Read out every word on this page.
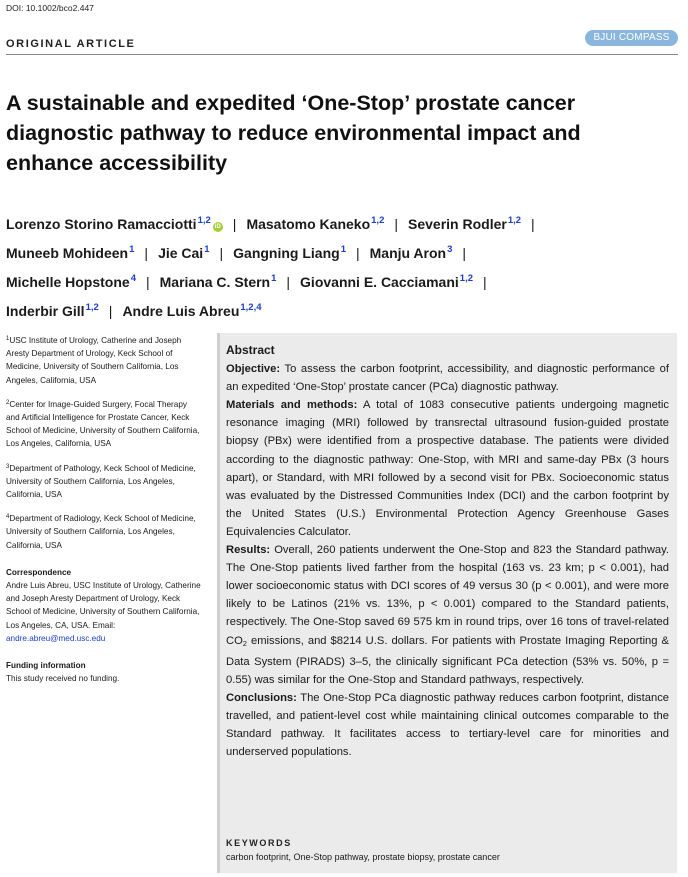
DOI: 10.1002/bco2.447
ORIGINAL ARTICLE
BJUI COMPASS
A sustainable and expedited ‘One-Stop’ prostate cancer diagnostic pathway to reduce environmental impact and enhance accessibility
Lorenzo Storino Ramacciotti$^{1,2}$iD | Masatomo Kaneko$^{1,2}$ | Severin Rodler$^{1,2}$ |
Muneeb Mohideen$^1$ | Jie Cai$^1$ | Gangning Liang$^1$ | Manju Aron$^3$ |
Michelle Hopstone$^4$ | Mariana C. Stern$^1$ | Giovanni E. Cacciamani$^{1,2}$ |
Inderbir Gill$^{1,2}$ | Andre Luis Abreu$^{1,2,4}$

$^1$USC Institute of Urology, Catherine and Joseph Aresty Department of Urology, Keck School of Medicine, University of Southern California, Los Angeles, California, USA

$^2$Center for Image-Guided Surgery, Focal Therapy and Artificial Intelligence for Prostate Cancer, Keck School of Medicine, University of Southern California, Los Angeles, California, USA

$^3$Department of Pathology, Keck School of Medicine, University of Southern California, Los Angeles, California, USA

$^4$Department of Radiology, Keck School of Medicine, University of Southern California, Los Angeles, California, USA

Correspondence

Andre Luis Abreu, USC Institute of Urology, Catherine and Joseph Aresty Department of Urology, Keck School of Medicine, University of Southern California, Los Angeles, CA, USA. Email: andre.abreu@med.usc.edu

Funding information

This study received no funding.

Abstract

Objective: To assess the carbon footprint, accessibility, and diagnostic performance of an expedited ‘One-Stop’ prostate cancer (PCa) diagnostic pathway.

Materials and methods: A total of 1083 consecutive patients undergoing magnetic resonance imaging (MRI) followed by transrectal ultrasound fusion-guided prostate biopsy (PBx) were identified from a prospective database. The patients were divided according to the diagnostic pathway: One-Stop, with MRI and same-day PBx (3 hours apart), or Standard, with MRI followed by a second visit for PBx. Socioeconomic status was evaluated by the Distressed Communities Index (DCI) and the carbon footprint by the United States (U.S.) Environmental Protection Agency Greenhouse Gases Equivalencies Calculator.

Results: Overall, 260 patients underwent the One-Stop and 823 the Standard pathway. The One-Stop patients lived farther from the hospital (163 vs. 23 km; p < 0.001), had lower socioeconomic status with DCI scores of 49 versus 30 (p < 0.001), and were more likely to be Latinos (21% vs. 13%, p < 0.001) compared to the Standard patients, respectively. The One-Stop saved 69 575 km in round trips, over 16 tons of travel-related $CO_2$ emissions, and $8214 U.S. dollars. For patients with Prostate Imaging Reporting & Data System (PIRADS) 3–5, the clinically significant PCa detection (53% vs. 50%, p = 0.55) was similar for the One-Stop and Standard pathways, respectively.

Conclusions: The One-Stop PCa diagnostic pathway reduces carbon footprint, distance travelled, and patient-level cost while maintaining clinical outcomes comparable to the Standard pathway. It facilitates access to tertiary-level care for minorities and underserved populations.

KEYWORDS
carbon footprint, One-Stop pathway, prostate biopsy, prostate cancer
